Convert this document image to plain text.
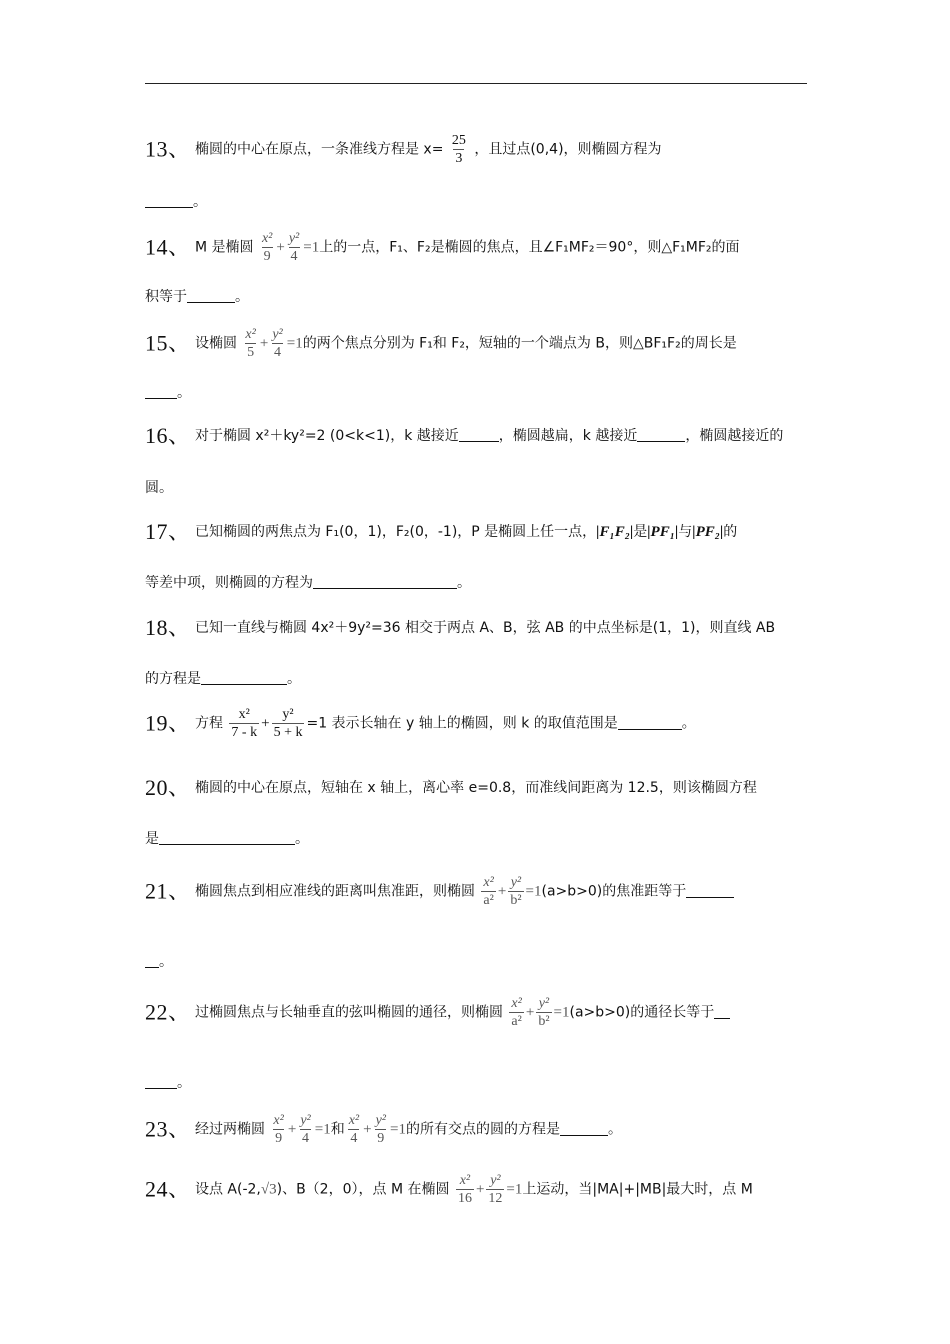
13、 椭圆的中心在原点，一条准线方程是 $x= \frac{25}{3}$ ，且过点(0,4)，则椭圆方程为
。
14、 M 是椭圆 $\frac{\text{x²}}{9} + \frac{\text{y²}}{4} =1$上的一点，F₁、F₂是椭圆的焦点，且∠F₁MF₂＝90°，则△F₁MF₂的面
积等于	。
15、 设椭圆 $\frac{\text{x²}}{5} + \frac{\text{y²}}{4} =1$的两个焦点分别为 F₁和 F₂，短轴的一个端点为 B，则△BF₁F₂的周长是
。
16、 对于椭圆 x²＋ky²=2 (0<k<1)，k 越接近	，椭圆越扁，k 越接近	，椭圆越接近的
圆。
17、 已知椭圆的两焦点为 F₁(0，1)，F₂(0，-1)，P 是椭圆上任一点，|F₁F₂|是|PF₁|与|PF₂|的
等差中项，则椭圆的方程为	。
18、 已知一直线与椭圆 4x²＋9y²=36 相交于两点 A、B，弦 AB 的中点坐标是(1，1)，则直线 AB
的方程是	。
19、 方程 $\frac{\text{x²}}{7 - k} + \frac{\text{y²}}{5 + k} =1$ 表示长轴在 y 轴上的椭圆，则 k 的取值范围是	。
20、 椭圆的中心在原点，短轴在 x 轴上，离心率 e=0.8，而准线间距离为 12.5，则该椭圆方程
是	。
21、 椭圆焦点到相应准线的距离叫焦准距，则椭圆 $\frac{\text{x²}}{\text{a²}} + \frac{\text{y²}}{\text{b²}} =1(a>b>0)$的焦准距等于
。
22、 过椭圆焦点与长轴垂直的弦叫椭圆的通径，则椭圆 $\frac{\text{x²}}{\text{a²}} + \frac{\text{y²}}{\text{b²}} =1(a>b>0)$的通径长等于
。
23、 经过两椭圆 $\frac{\text{x²}}{9} + \frac{\text{y²}}{4} =1$和 $\frac{\text{x²}}{4} + \frac{\text{y²}}{9} =1$的所有交点的圆的方程是	。
24、 设点 A(-2,√3)、B（2，0），点 M 在椭圆 $\frac{\text{x²}}{16} + \frac{\text{y²}}{12} =1$上运动，当|MA|+|MB|最大时，点 M
